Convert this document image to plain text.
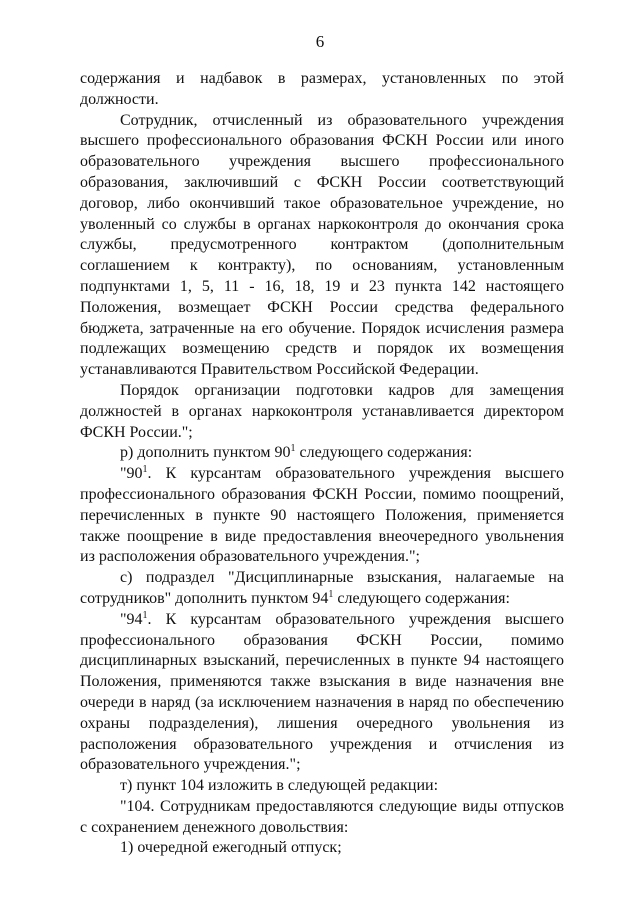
6

содержания и надбавок в размерах, установленных по этой должности.

Сотрудник, отчисленный из образовательного учреждения высшего профессионального образования ФСКН России или иного образовательного учреждения высшего профессионального образования, заключивший с ФСКН России соответствующий договор, либо окончивший такое образовательное учреждение, но уволенный со службы в органах наркоконтроля до окончания срока службы, предусмотренного контрактом (дополнительным соглашением к контракту), по основаниям, установленным подпунктами 1, 5, 11 - 16, 18, 19 и 23 пункта 142 настоящего Положения, возмещает ФСКН России средства федерального бюджета, затраченные на его обучение. Порядок исчисления размера подлежащих возмещению средств и порядок их возмещения устанавливаются Правительством Российской Федерации.

Порядок организации подготовки кадров для замещения должностей в органах наркоконтроля устанавливается директором ФСКН России.";

р) дополнить пунктом $90^1$ следующего содержания:

"$90^1$. К курсантам образовательного учреждения высшего профессионального образования ФСКН России, помимо поощрений, перечисленных в пункте 90 настоящего Положения, применяется также поощрение в виде предоставления внеочередного увольнения из расположения образовательного учреждения.";

с) подраздел "Дисциплинарные взыскания, налагаемые на сотрудников" дополнить пунктом $94^1$ следующего содержания:

"$94^1$. К курсантам образовательного учреждения высшего профессионального образования ФСКН России, помимо дисциплинарных взысканий, перечисленных в пункте 94 настоящего Положения, применяются также взыскания в виде назначения вне очереди в наряд (за исключением назначения в наряд по обеспечению охраны подразделения), лишения очередного увольнения из расположения образовательного учреждения и отчисления из образовательного учреждения.";

т) пункт 104 изложить в следующей редакции:

"104. Сотрудникам предоставляются следующие виды отпусков с сохранением денежного довольствия:

1) очередной ежегодный отпуск;
